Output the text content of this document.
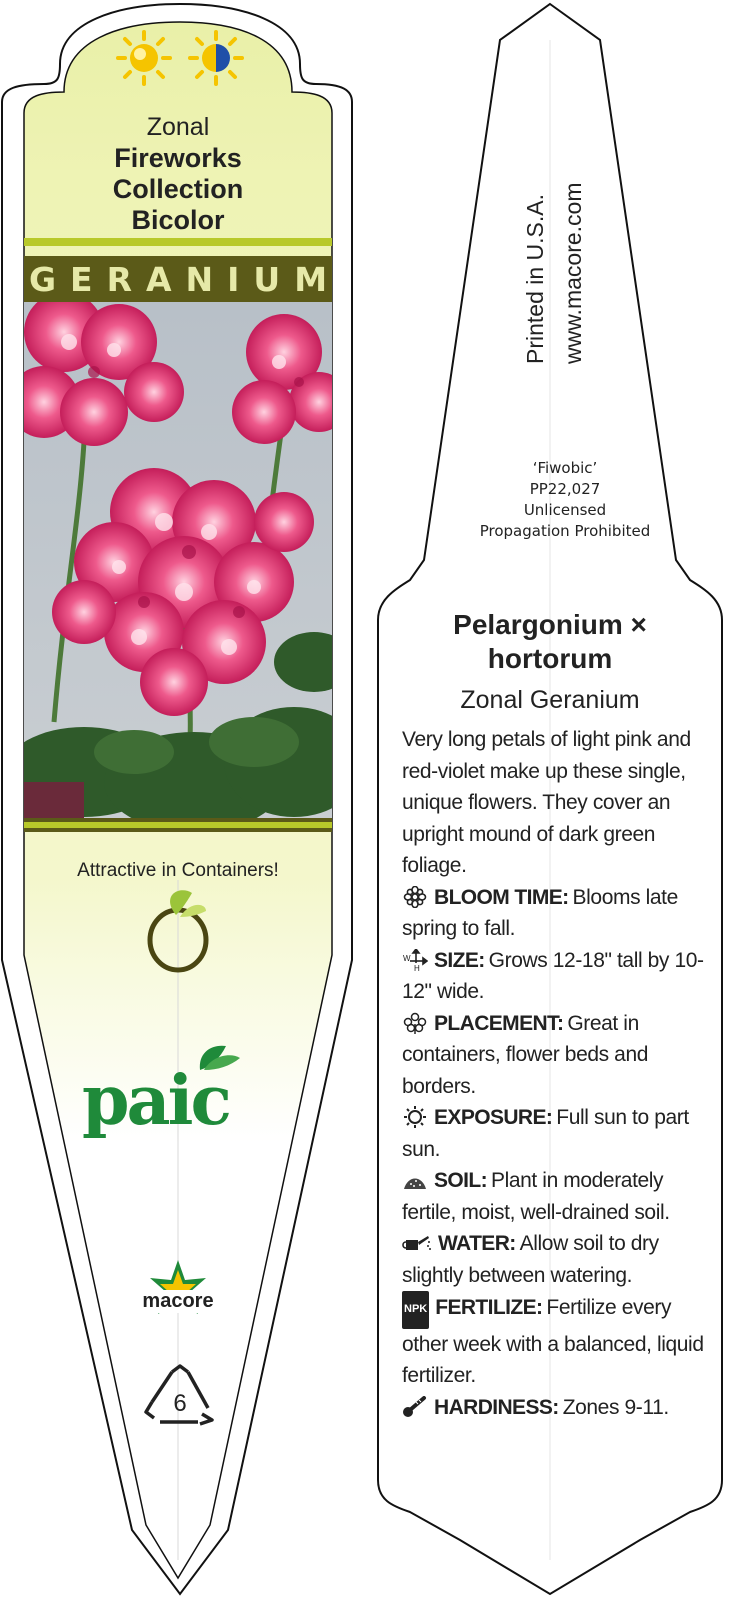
Zonal
Fireworks
Collection
Bicolor
GERANIUM
Attractive in Containers!
paic
macore
6
Printed in U.S.A. www.macore.com
‘Fiwobic’
PP22,027
Unlicensed
Propagation Prohibited
Pelargonium ×
hortorum
Zonal Geranium
Very long petals of light pink and red-violet make up these single, unique flowers. They cover an upright mound of dark green foliage.
BLOOM TIME: Blooms late spring to fall.
W
H SIZE: Grows 12-18" tall by 10-12" wide.
PLACEMENT: Great in containers, flower beds and borders.
EXPOSURE: Full sun to part sun.
SOIL: Plant in moderately fertile, moist, well-drained soil.
WATER: Allow soil to dry slightly between watering.
NPK FERTILIZE: Fertilize every other week with a balanced, liquid fertilizer.
HARDINESS: Zones 9-11.
